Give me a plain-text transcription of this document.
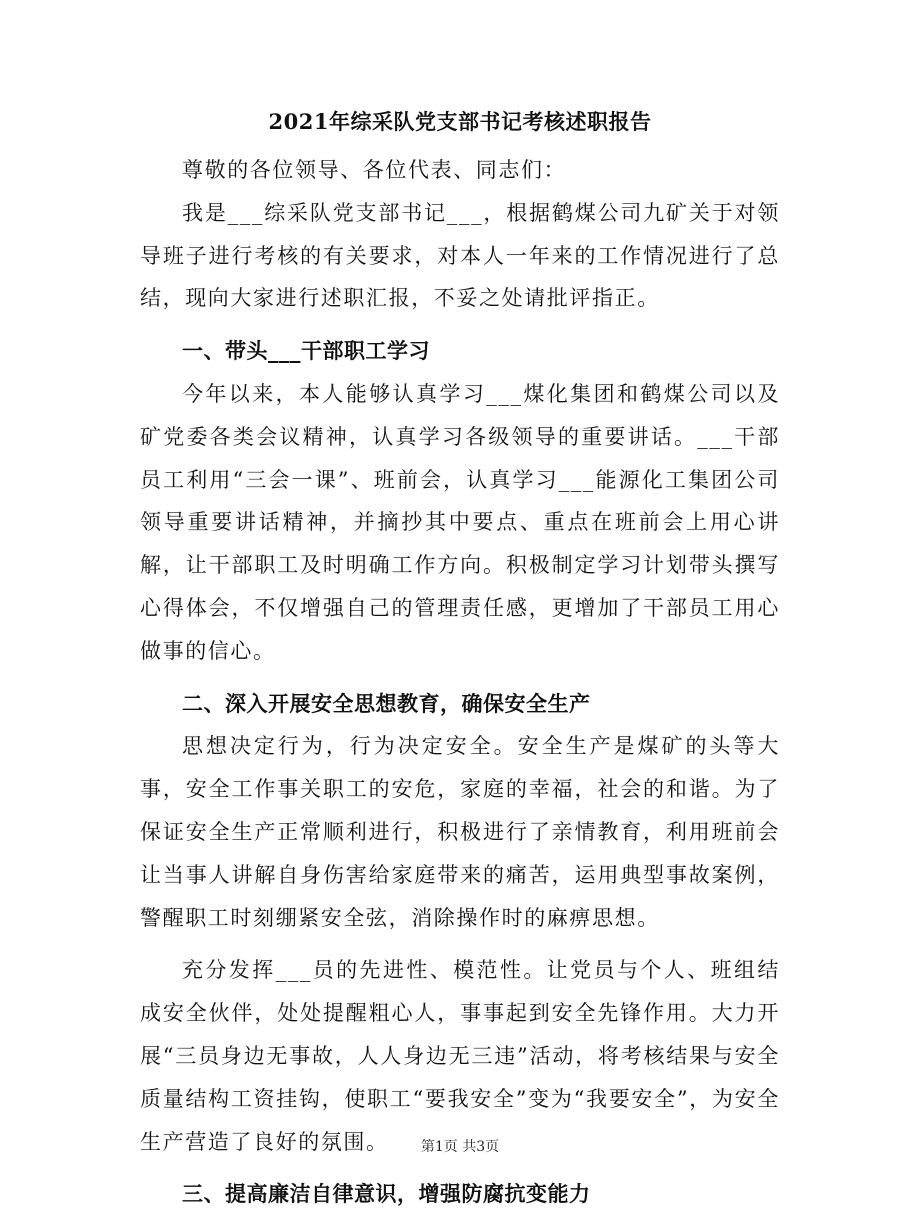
2021年综采队党支部书记考核述职报告

尊敬的各位领导、各位代表、同志们：

我是___综采队党支部书记___，根据鹤煤公司九矿关于对领导班子进行考核的有关要求，对本人一年来的工作情况进行了总结，现向大家进行述职汇报，不妥之处请批评指正。

一、带头___干部职工学习

今年以来，本人能够认真学习___煤化集团和鹤煤公司以及矿党委各类会议精神，认真学习各级领导的重要讲话。___干部员工利用“三会一课”、班前会，认真学习___能源化工集团公司领导重要讲话精神，并摘抄其中要点、重点在班前会上用心讲解，让干部职工及时明确工作方向。积极制定学习计划带头撰写心得体会，不仅增强自己的管理责任感，更增加了干部员工用心做事的信心。

二、深入开展安全思想教育，确保安全生产

思想决定行为，行为决定安全。安全生产是煤矿的头等大事，安全工作事关职工的安危，家庭的幸福，社会的和谐。为了保证安全生产正常顺利进行，积极进行了亲情教育，利用班前会让当事人讲解自身伤害给家庭带来的痛苦，运用典型事故案例，警醒职工时刻绷紧安全弦，消除操作时的麻痹思想。

充分发挥___员的先进性、模范性。让党员与个人、班组结成安全伙伴，处处提醒粗心人，事事起到安全先锋作用。大力开展“三员身边无事故，人人身边无三违”活动，将考核结果与安全质量结构工资挂钩，使职工“要我安全”变为“我要安全”，为安全生产营造了良好的氛围。

三、提高廉洁自律意识，增强防腐抗变能力

第1页 共3页
